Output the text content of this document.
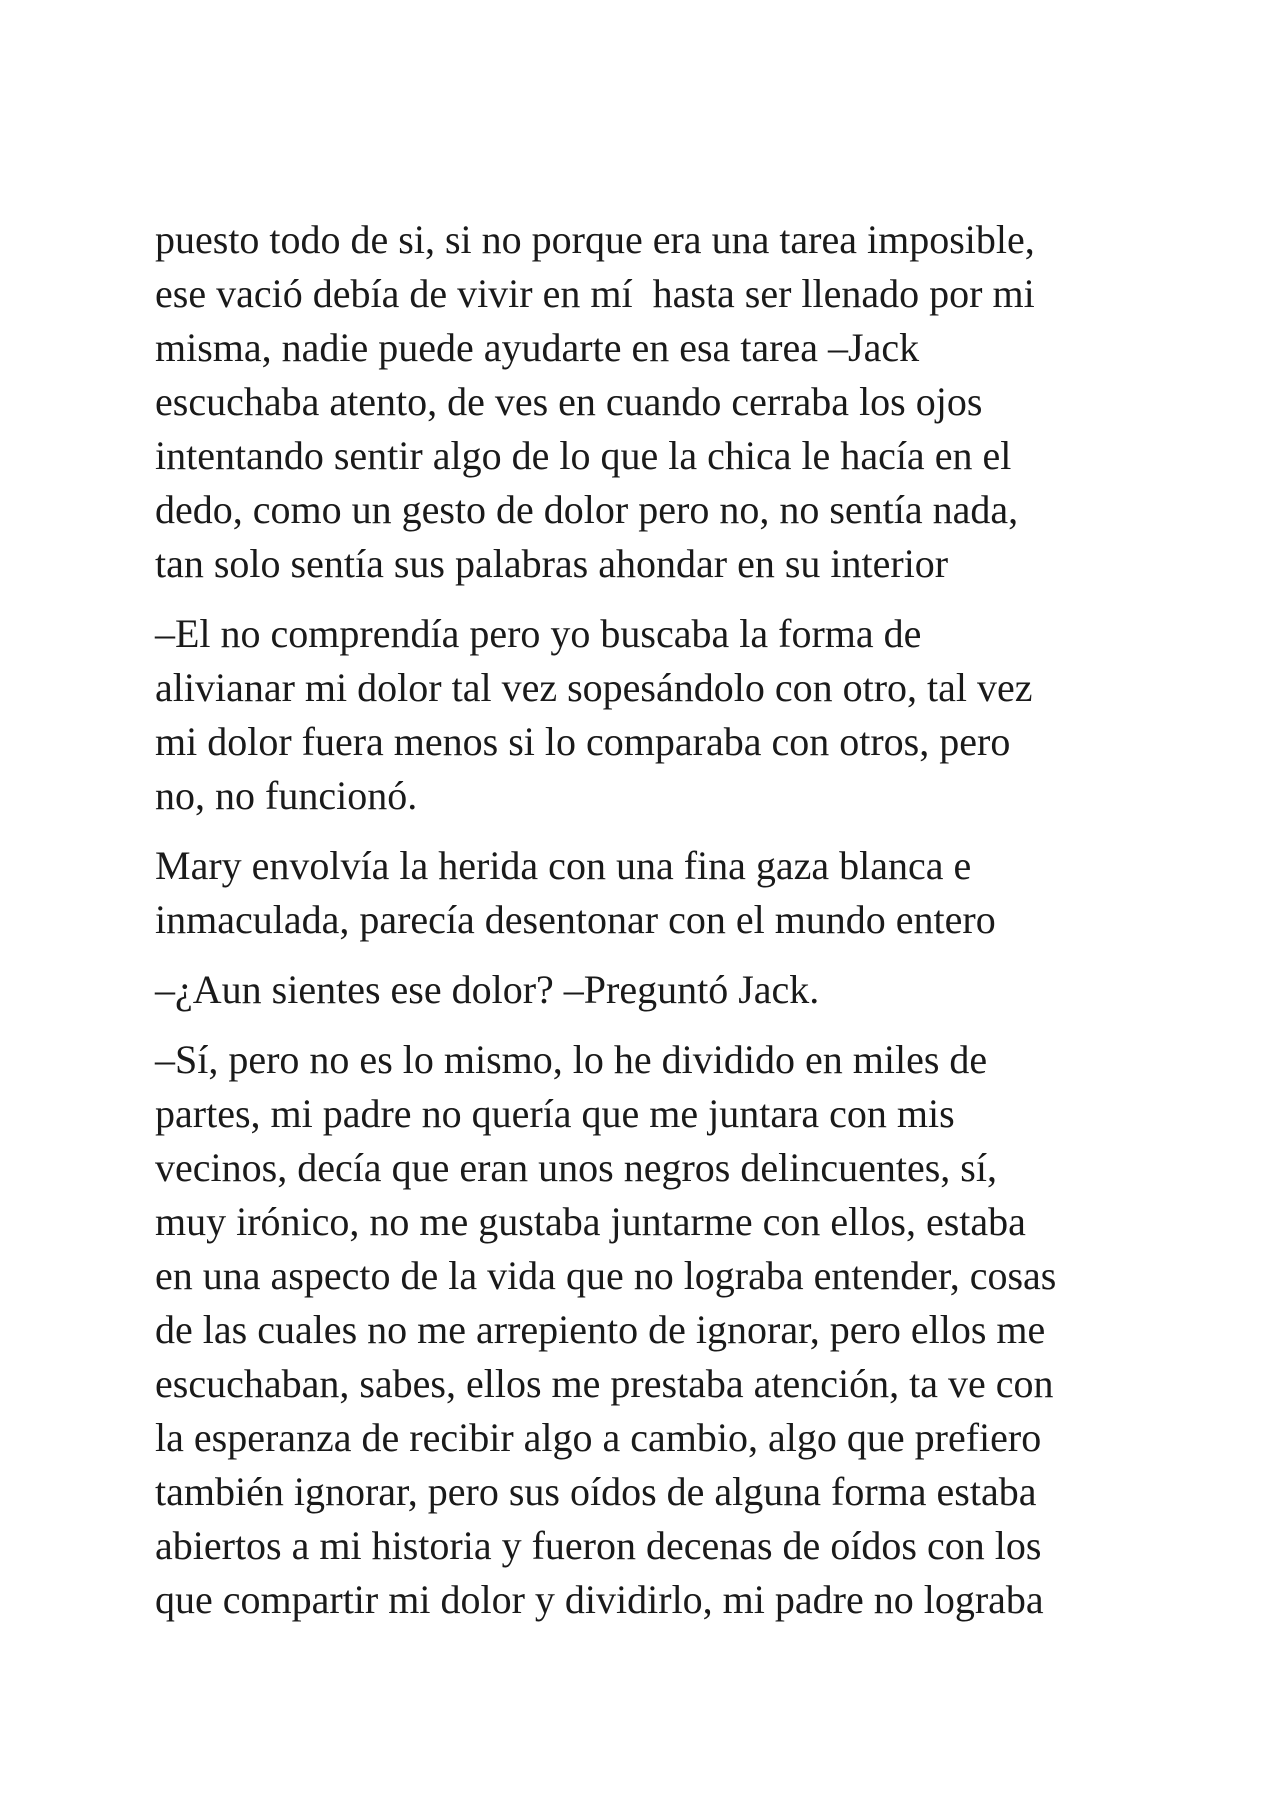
puesto todo de si, si no porque era una tarea imposible,
ese vació debía de vivir en mí  hasta ser llenado por mi
misma, nadie puede ayudarte en esa tarea –Jack
escuchaba atento, de ves en cuando cerraba los ojos
intentando sentir algo de lo que la chica le hacía en el
dedo, como un gesto de dolor pero no, no sentía nada,
tan solo sentía sus palabras ahondar en su interior
–El no comprendía pero yo buscaba la forma de
alivianar mi dolor tal vez sopesándolo con otro, tal vez
mi dolor fuera menos si lo comparaba con otros, pero
no, no funcionó.
Mary envolvía la herida con una fina gaza blanca e
inmaculada, parecía desentonar con el mundo entero
–¿Aun sientes ese dolor? –Preguntó Jack.
–Sí, pero no es lo mismo, lo he dividido en miles de
partes, mi padre no quería que me juntara con mis
vecinos, decía que eran unos negros delincuentes, sí,
muy irónico, no me gustaba juntarme con ellos, estaba
en una aspecto de la vida que no lograba entender, cosas
de las cuales no me arrepiento de ignorar, pero ellos me
escuchaban, sabes, ellos me prestaba atención, ta ve con
la esperanza de recibir algo a cambio, algo que prefiero
también ignorar, pero sus oídos de alguna forma estaba
abiertos a mi historia y fueron decenas de oídos con los
que compartir mi dolor y dividirlo, mi padre no lograba
